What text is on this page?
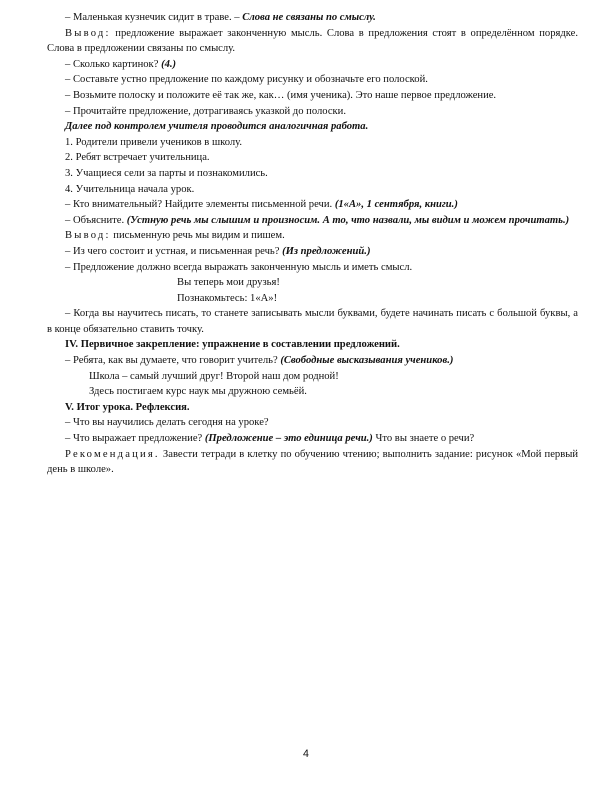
– Маленькая кузнечик сидит в траве. – Слова не связаны по смыслу.

Вывод: предложение выражает законченную мысль. Слова в предложения стоят в определённом порядке. Слова в предложении связаны по смыслу.

– Сколько картинок? (4.)

– Составьте устно предложение по каждому рисунку и обозначьте его полоской.

– Возьмите полоску и положите её так же, как… (имя ученика). Это наше первое предложение.

– Прочитайте предложение, дотрагиваясь указкой до полоски.

Далее под контролем учителя проводится аналогичная работа.

1. Родители привели учеников в школу.

2. Ребят встречает учительница.

3. Учащиеся сели за парты и познакомились.

4. Учительница начала урок.

– Кто внимательный? Найдите элементы письменной речи. (1«А», 1 сентября, книги.)

– Объясните. (Устную речь мы слышим и произносим. А то, что назвали, мы видим и можем прочитать.)

Вывод: письменную речь мы видим и пишем.

– Из чего состоит и устная, и письменная речь? (Из предложений.)

– Предложение должно всегда выражать законченную мысль и иметь смысл.

Вы теперь мои друзья!

Познакомьтесь: 1«А»!

– Когда вы научитесь писать, то станете записывать мысли буквами, будете начинать писать с большой буквы, а в конце обязательно ставить точку.

IV. Первичное закрепление: упражнение в составлении предложений.

– Ребята, как вы думаете, что говорит учитель? (Свободные высказывания учеников.)

Школа – самый лучший друг! Второй наш дом родной!

Здесь постигаем курс наук мы дружною семьёй.

V. Итог урока. Рефлексия.

– Что вы научились делать сегодня на уроке?

– Что выражает предложение? (Предложение – это единица речи.) Что вы знаете о речи?

Рекомендация. Завести тетради в клетку по обучению чтению; выполнить задание: рисунок «Мой первый день в школе».

4
